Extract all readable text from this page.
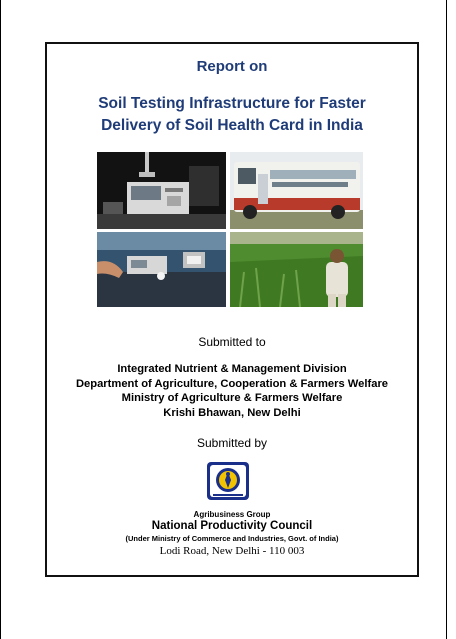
Report on
Soil Testing Infrastructure for Faster
Delivery of Soil Health Card in India
Submitted to
Integrated Nutrient & Management Division
Department of Agriculture, Cooperation & Farmers Welfare
Ministry of Agriculture & Farmers Welfare
Krishi Bhawan, New Delhi
Submitted by
Agribusiness Group
National Productivity Council
(Under Ministry of Commerce and Industries, Govt. of India)
Lodi Road, New Delhi - 110 003
